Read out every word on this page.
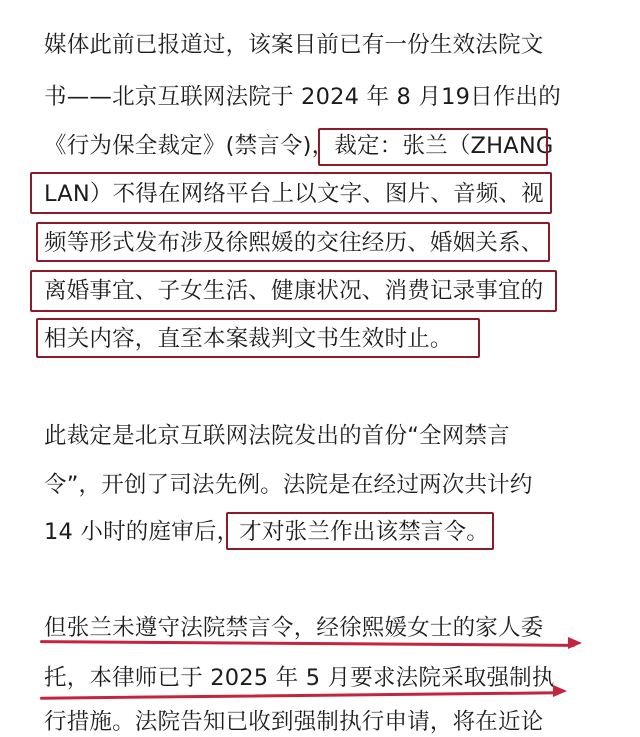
媒体此前已报道过，该案目前已有一份生效法院文
书——北京互联网法院于 2024 年 8 月19日作出的
《行为保全裁定》(禁言令)，裁定：张兰（ZHANG
LAN）不得在网络平台上以文字、图片、音频、视
频等形式发布涉及徐熙媛的交往经历、婚姻关系、
离婚事宜、子女生活、健康状况、消费记录事宜的
相关内容，直至本案裁判文书生效时止。
此裁定是北京互联网法院发出的首份“全网禁言
令”，开创了司法先例。法院是在经过两次共计约
14 小时的庭审后，才对张兰作出该禁言令。
但张兰未遵守法院禁言令，经徐熙媛女士的家人委
托，本律师已于 2025 年 5 月要求法院采取强制执
行措施。法院告知已收到强制执行申请，将在近论
